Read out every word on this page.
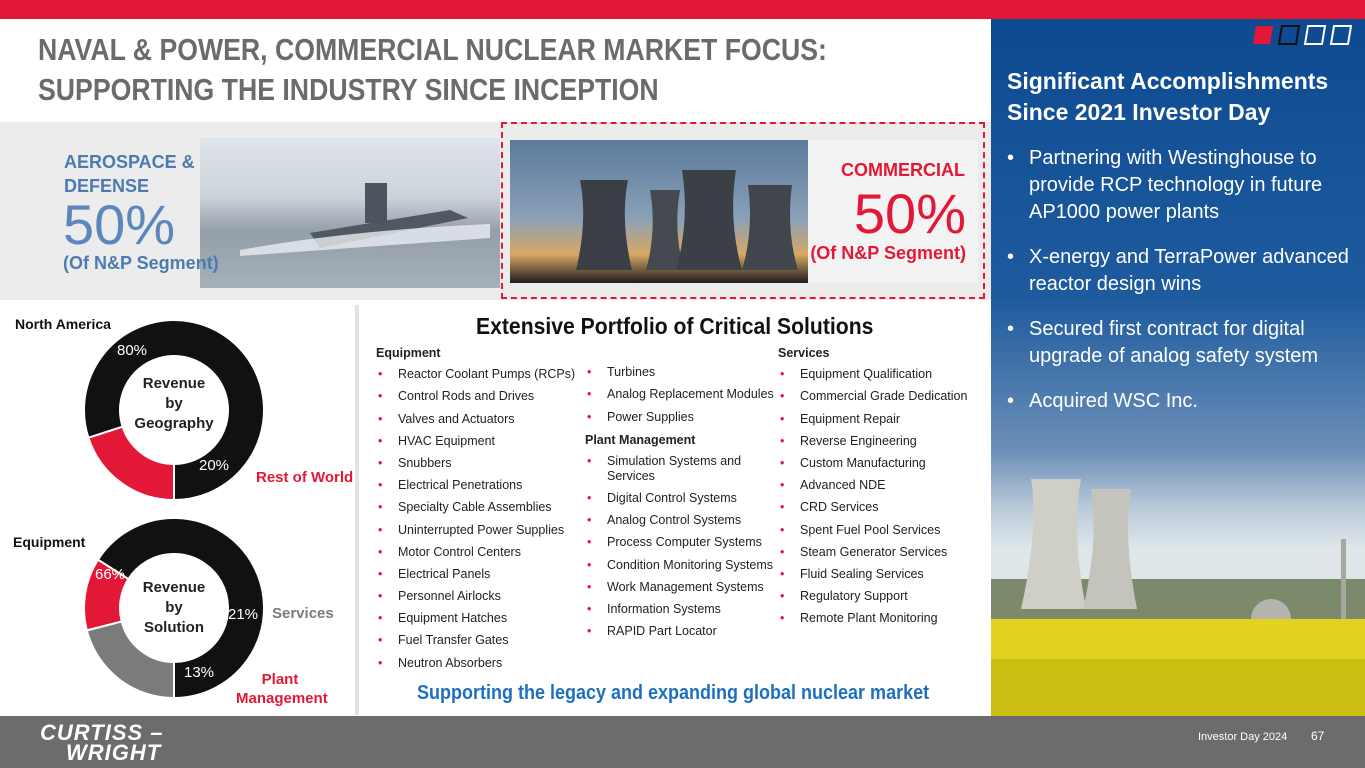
NAVAL & POWER, COMMERCIAL NUCLEAR MARKET FOCUS:
SUPPORTING THE INDUSTRY SINCE INCEPTION
AEROSPACE &
DEFENSE
50%
(Of N&P Segment)
COMMERCIAL
50%
(Of N&P Segment)
Significant Accomplishments
Since 2021 Investor Day
• Partnering with Westinghouse to provide RCP technology in future AP1000 power plants
• X-energy and TerraPower advanced reactor design wins
• Secured first contract for digital upgrade of analog safety system
• Acquired WSC Inc.
North America
80%
20%
Revenue
by
Geography
Rest of World
Equipment
66%
21%
13%
Revenue
by
Solution
Services
Plant
Management
Extensive Portfolio of Critical Solutions
Equipment
• Reactor Coolant Pumps (RCPs)
• Control Rods and Drives
• Valves and Actuators
• HVAC Equipment
• Snubbers
• Electrical Penetrations
• Specialty Cable Assemblies
• Uninterrupted Power Supplies
• Motor Control Centers
• Electrical Panels
• Personnel Airlocks
• Equipment Hatches
• Fuel Transfer Gates
• Neutron Absorbers
• Turbines
• Analog Replacement Modules
• Power Supplies
Plant Management
• Simulation Systems and Services
• Digital Control Systems
• Analog Control Systems
• Process Computer Systems
• Condition Monitoring Systems
• Work Management Systems
• Information Systems
• RAPID Part Locator
Services
• Equipment Qualification
• Commercial Grade Dedication
• Equipment Repair
• Reverse Engineering
• Custom Manufacturing
• Advanced NDE
• CRD Services
• Spent Fuel Pool Services
• Steam Generator Services
• Fluid Sealing Services
• Regulatory Support
• Remote Plant Monitoring
Supporting the legacy and expanding global nuclear market
CURTISS –
WRIGHT
Investor Day 2024 67
